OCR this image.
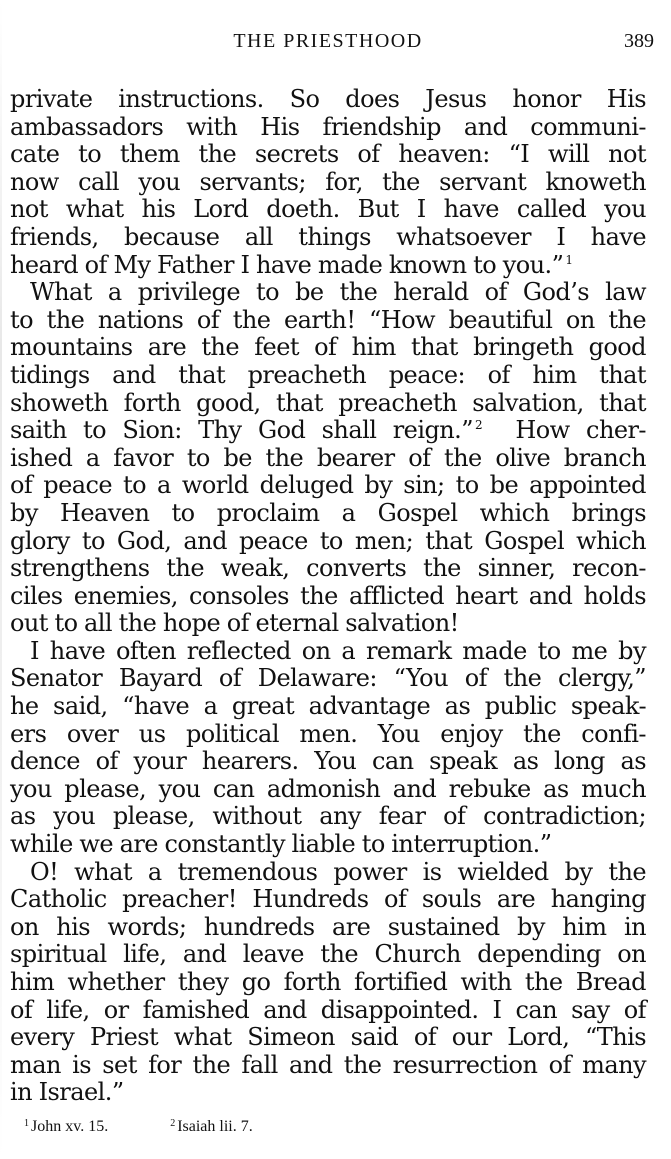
THE PRIESTHOOD	389
private instructions. So does Jesus honor His
ambassadors with His friendship and communi-
cate to them the secrets of heaven: “I will not
now call you servants; for, the servant knoweth
not what his Lord doeth. But I have called you
friends, because all things whatsoever I have
heard of My Father I have made known to you.” $^1$
What a privilege to be the herald of God’s law
to the nations of the earth! “How beautiful on the
mountains are the feet of him that bringeth good
tidings and that preacheth peace: of him that
showeth forth good, that preacheth salvation, that
saith to Sion: Thy God shall reign.” $^2$  How cher-
ished a favor to be the bearer of the olive branch
of peace to a world deluged by sin; to be appointed
by Heaven to proclaim a Gospel which brings
glory to God, and peace to men; that Gospel which
strengthens the weak, converts the sinner, recon-
ciles enemies, consoles the afflicted heart and holds
out to all the hope of eternal salvation!
I have often reflected on a remark made to me by
Senator Bayard of Delaware: “You of the clergy,”
he said, “have a great advantage as public speak-
ers over us political men. You enjoy the confi-
dence of your hearers. You can speak as long as
you please, you can admonish and rebuke as much
as you please, without any fear of contradiction;
while we are constantly liable to interruption.”
O! what a tremendous power is wielded by the
Catholic preacher! Hundreds of souls are hanging
on his words; hundreds are sustained by him in
spiritual life, and leave the Church depending on
him whether they go forth fortified with the Bread
of life, or famished and disappointed. I can say of
every Priest what Simeon said of our Lord, “This
man is set for the fall and the resurrection of many
in Israel.”
$^1$ John xv. 15.	$^2$ Isaiah lii. 7.
